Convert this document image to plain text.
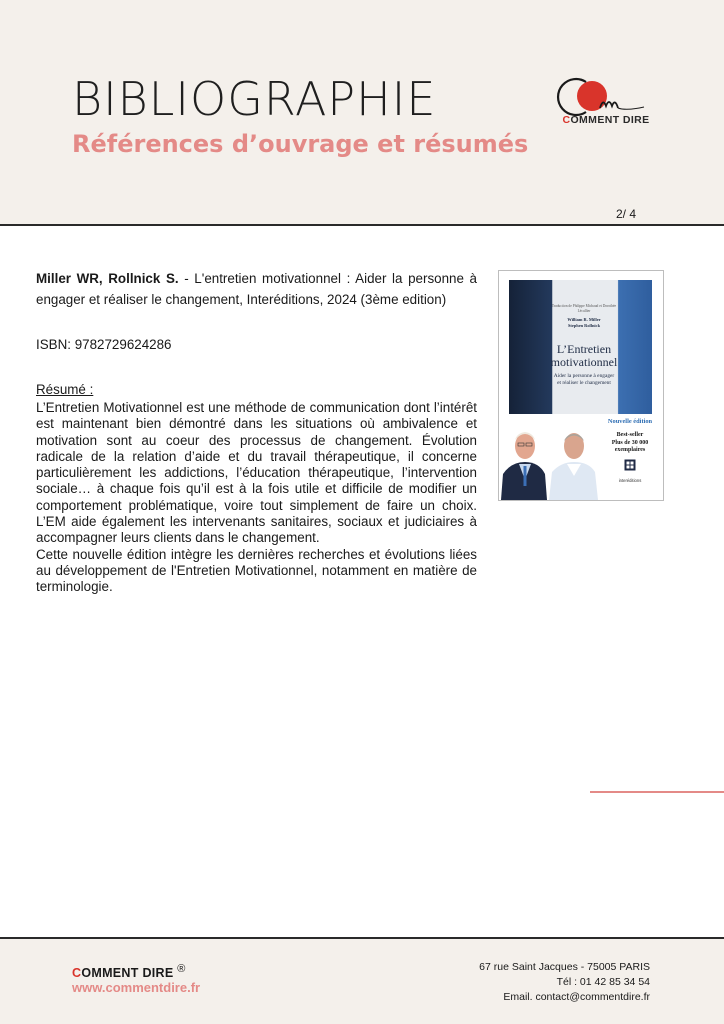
BIBLIOGRAPHIE
Références d’ouvrage et résumés
COMMENT DIRE
2/ 4
Miller WR, Rollnick S. - L'entretien motivationnel : Aider la personne à engager et réaliser le changement, Interéditions, 2024 (3ème edition)
ISBN: 9782729624286
Résumé :

L’Entretien Motivationnel est une méthode de communication dont l’intérêt est maintenant bien démontré dans les situations où ambivalence et motivation sont au coeur des processus de changement. Évolution radicale de la relation d’aide et du travail thérapeutique, il concerne particulièrement les addictions, l’éducation thérapeutique, l’intervention sociale… à chaque fois qu’il est à la fois utile et difficile de modifier un comportement problématique, voire tout simplement de faire un choix. L’EM aide également les intervenants sanitaires, sociaux et judiciaires à accompagner leurs clients dans le changement.

Cette nouvelle édition intègre les dernières recherches et évolutions liées au développement de l'Entretien Motivationnel, notamment en matière de terminologie.

Traduction de Philippe Michaud et Dorothée Lécallier
William R. Miller
Stephen Rollnick
L’Entretien
motivationnel
Aider la personne à engager
et réaliser le changement
Nouvelle édition
Best-seller
Plus de 30 000
exemplaires
interéditions
COMMENT DIRE ®
www.commentdire.fr
67 rue Saint Jacques - 75005 PARIS
Tél : 01 42 85 34 54
Email. contact@commentdire.fr
